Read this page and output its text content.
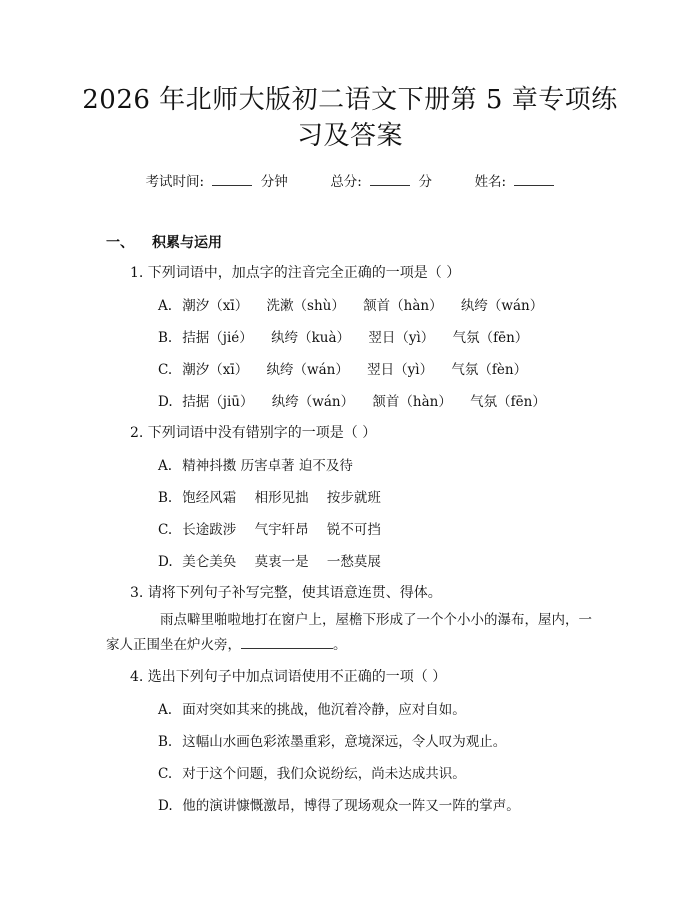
2026 年北师大版初二语文下册第 5 章专项练
习及答案
考试时间:	分钟	总分:	分	姓名:
一、 积累与运用
1. 下列词语中，加点字的注音完全正确的一项是（ ）
A. 潮汐（xī） 洗漱（shù） 颔首（hàn） 纨绔（wán）
B. 拮据（jié） 纨绔（kuà） 翌日（yì） 气氛（fēn）
C. 潮汐（xī） 纨绔（wán） 翌日（yì） 气氛（fèn）
D. 拮据（jiū） 纨绔（wán） 颔首（hàn） 气氛（fēn）
2. 下列词语中没有错别字的一项是（ ）
A. 精神抖擞 历害卓著 迫不及待
B. 饱经风霜 相形见拙 按步就班
C. 长途跋涉 气宇轩昂 锐不可挡
D. 美仑美奂 莫衷一是 一愁莫展
3. 请将下列句子补写完整，使其语意连贯、得体。
雨点噼里啪啦地打在窗户上，屋檐下形成了一个个小小的瀑布，屋内，一家人正围坐在炉火旁，	。
4. 选出下列句子中加点词语使用不正确的一项（ ）
A. 面对突如其来的挑战，他沉着冷静，应对自如。
B. 这幅山水画色彩浓墨重彩，意境深远，令人叹为观止。
C. 对于这个问题，我们众说纷纭，尚未达成共识。
D. 他的演讲慷慨激昂，博得了现场观众一阵又一阵的掌声。
